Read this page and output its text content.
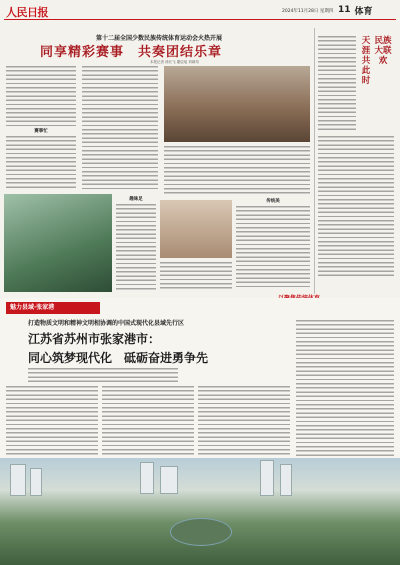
人民日报	2024年11月28日 星期四 11 体育
第十二届全国少数民族传统体育运动会火热开展
同享精彩赛事　共奏团结乐章
本报记者 徐长飞 董辰瑶 刘硕均
赛事忙
趣味足	传统美
天涯共此时
民族大联欢
魅力县域·张家港
打造物质文明和精神文明相协调的中国式现代化县域先行区
江苏省苏州市张家港市：
同心筑梦现代化　砥砺奋进勇争先
